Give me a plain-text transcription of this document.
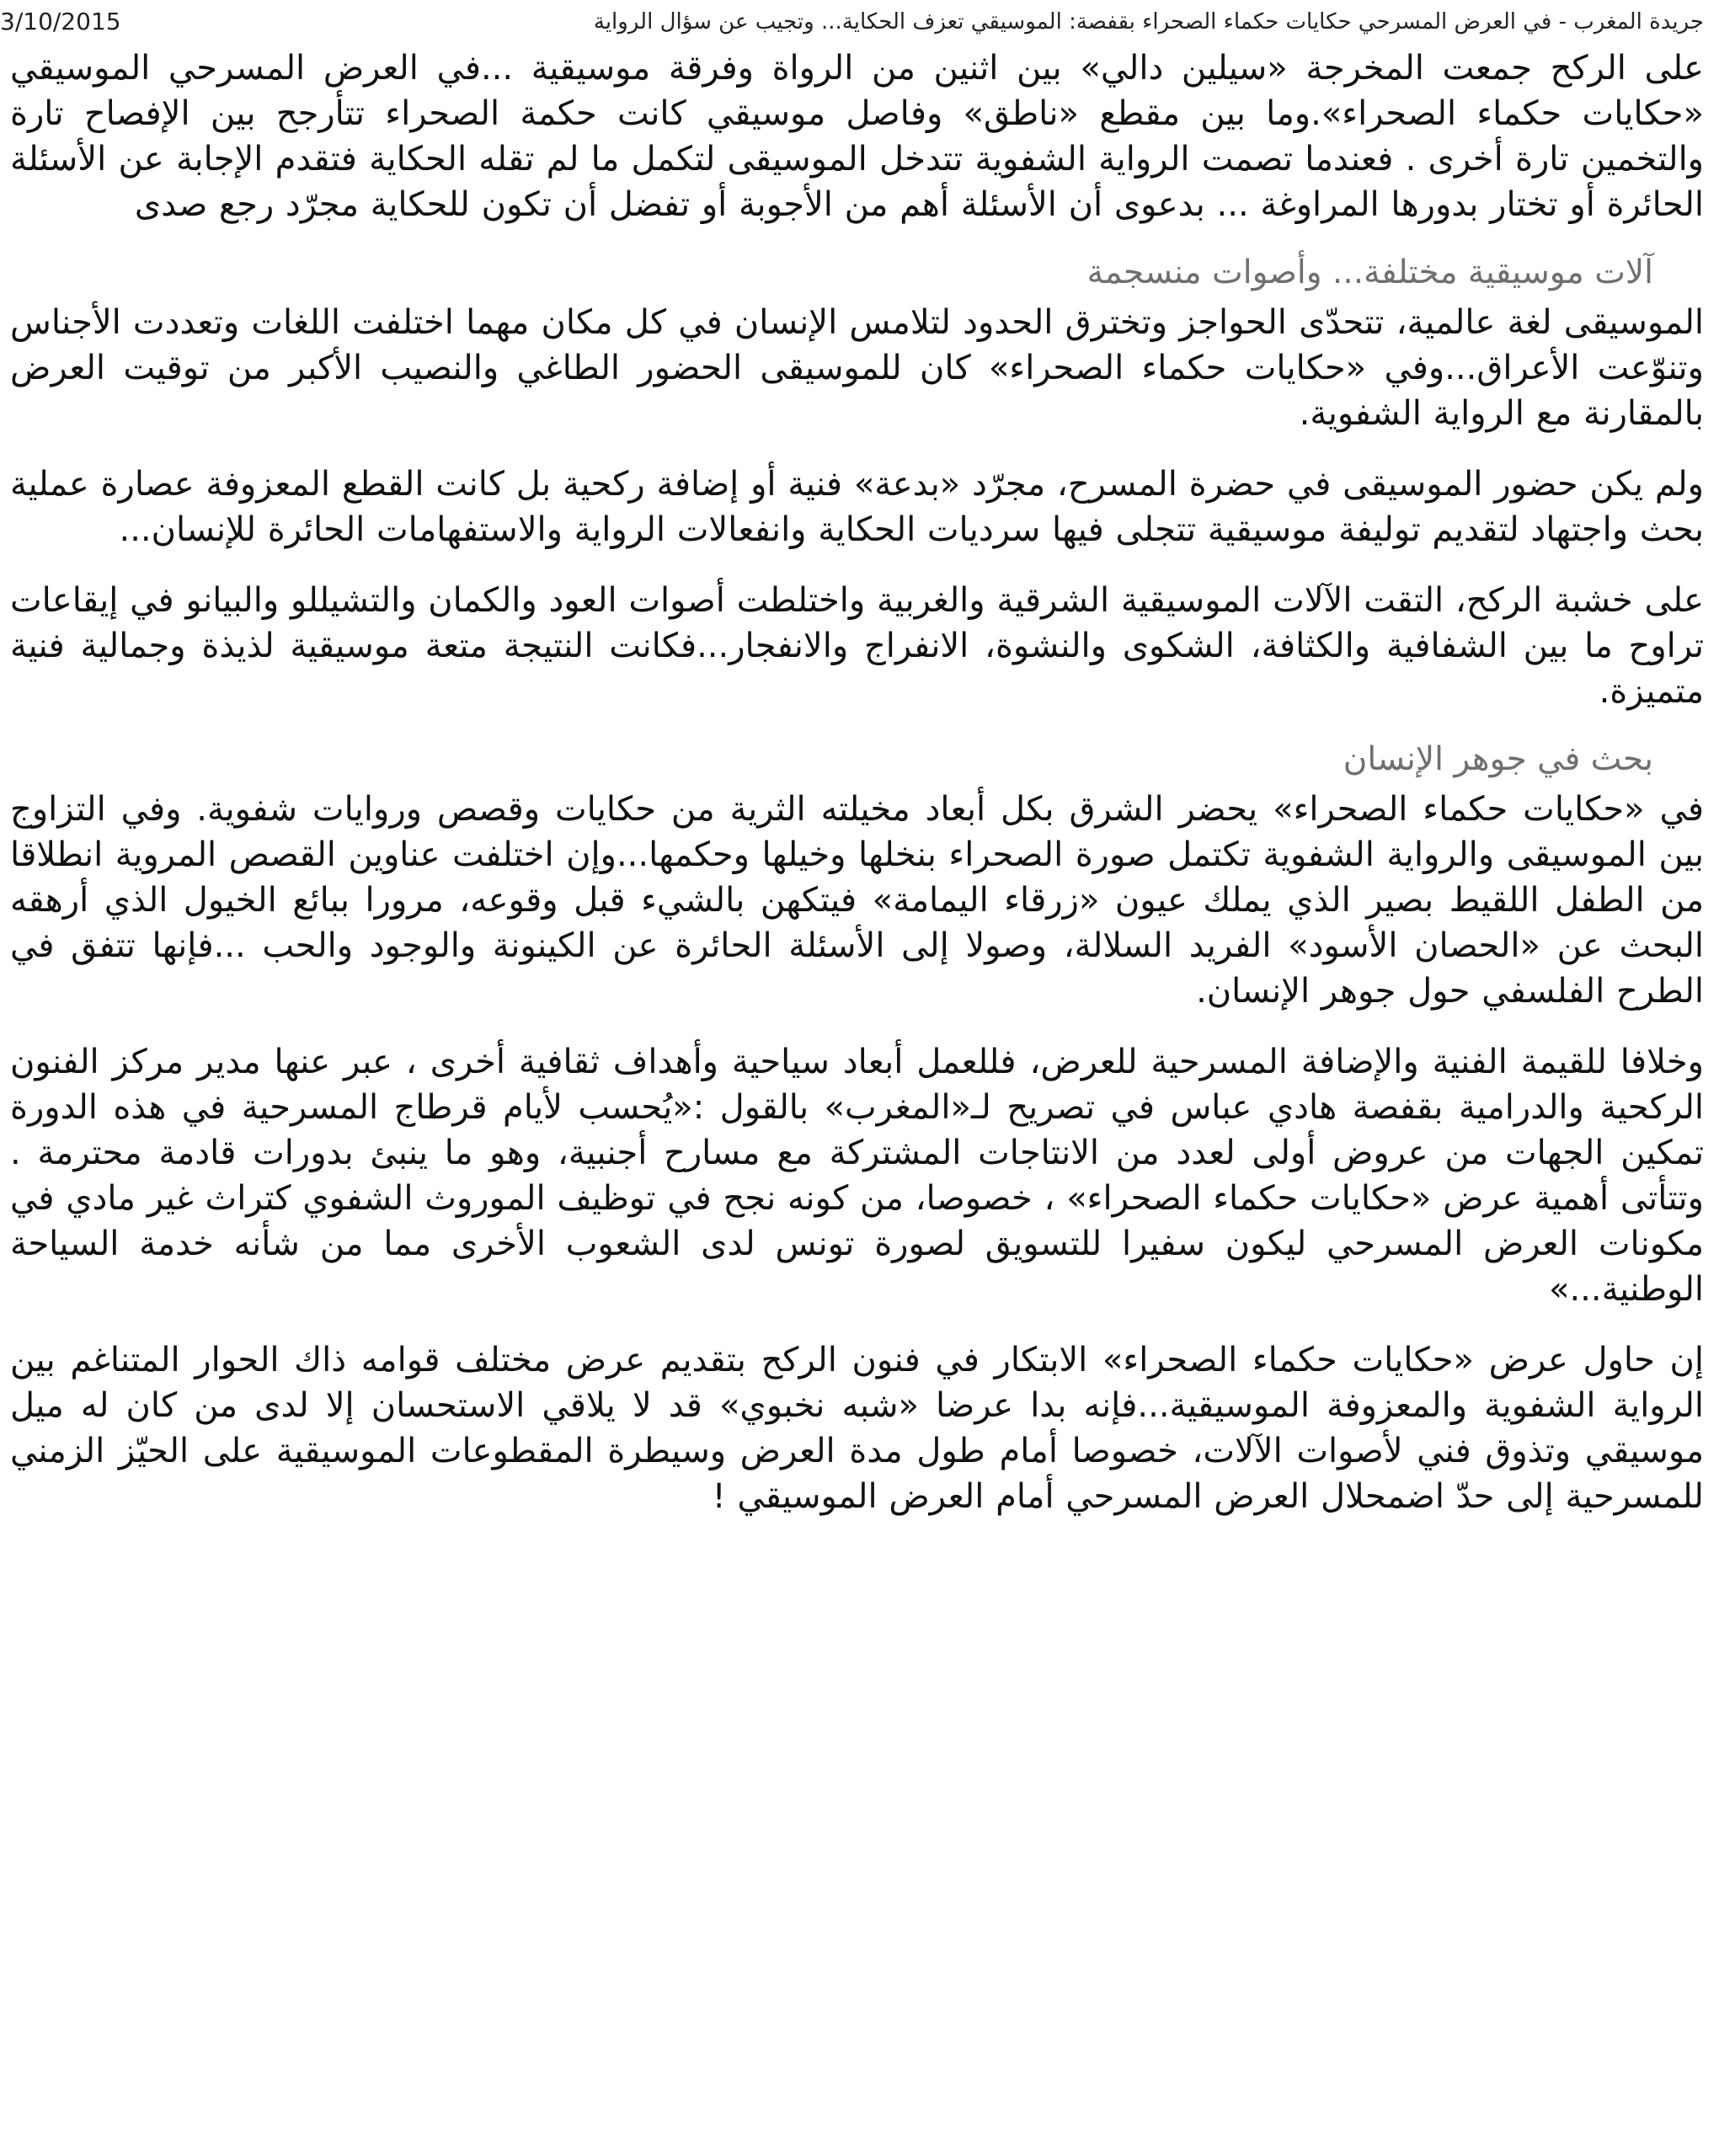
3/10/2015	جريدة المغرب - في العرض المسرحي حكايات حكماء الصحراء بقفصة: الموسيقي تعزف الحكاية... وتجيب عن سؤال الرواية

على الركح جمعت المخرجة «سيلين دالي» بين اثنين من الرواة وفرقة موسيقية ...في العرض المسرحي الموسيقي «حكايات حكماء الصحراء».وما بين مقطع «ناطق» وفاصل موسيقي كانت حكمة الصحراء تتأرجح بين الإفصاح تارة والتخمين تارة أخرى . فعندما تصمت الرواية الشفوية تتدخل الموسيقى لتكمل ما لم تقله الحكاية فتقدم الإجابة عن الأسئلة الحائرة أو تختار بدورها المراوغة ... بدعوى أن الأسئلة أهم من الأجوبة أو تفضل أن تكون للحكاية مجرّد رجع صدى

آلات موسيقية مختلفة... وأصوات منسجمة

الموسيقى لغة عالمية، تتحدّى الحواجز وتخترق الحدود لتلامس الإنسان في كل مكان مهما اختلفت اللغات وتعددت الأجناس وتنوّعت الأعراق...وفي «حكايات حكماء الصحراء» كان للموسيقى الحضور الطاغي والنصيب الأكبر من توقيت العرض بالمقارنة مع الرواية الشفوية.

ولم يكن حضور الموسيقى في حضرة المسرح، مجرّد «بدعة» فنية أو إضافة ركحية بل كانت القطع المعزوفة عصارة عملية بحث واجتهاد لتقديم توليفة موسيقية تتجلى فيها سرديات الحكاية وانفعالات الرواية والاستفهامات الحائرة للإنسان...

على خشبة الركح، التقت الآلات الموسيقية الشرقية والغربية واختلطت أصوات العود والكمان والتشيللو والبيانو في إيقاعات تراوح ما بين الشفافية والكثافة، الشكوى والنشوة، الانفراج والانفجار...فكانت النتيجة متعة موسيقية لذيذة وجمالية فنية متميزة.

بحث في جوهر الإنسان

في «حكايات حكماء الصحراء» يحضر الشرق بكل أبعاد مخيلته الثرية من حكايات وقصص وروايات شفوية. وفي التزاوج بين الموسيقى والرواية الشفوية تكتمل صورة الصحراء بنخلها وخيلها وحكمها...وإن اختلفت عناوين القصص المروية انطلاقا من الطفل اللقيط بصير الذي يملك عيون «زرقاء اليمامة» فيتكهن بالشيء قبل وقوعه، مرورا ببائع الخيول الذي أرهقه البحث عن «الحصان الأسود» الفريد السلالة، وصولا إلى الأسئلة الحائرة عن الكينونة والوجود والحب ...فإنها تتفق في الطرح الفلسفي حول جوهر الإنسان.

وخلافا للقيمة الفنية والإضافة المسرحية للعرض، فللعمل أبعاد سياحية وأهداف ثقافية أخرى ، عبر عنها مدير مركز الفنون الركحية والدرامية بقفصة هادي عباس في تصريح لـ«المغرب» بالقول :«يُحسب لأيام قرطاج المسرحية في هذه الدورة تمكين الجهات من عروض أولى لعدد من الانتاجات المشتركة مع مسارح أجنبية، وهو ما ينبئ بدورات قادمة محترمة . وتتأتى أهمية عرض «حكايات حكماء الصحراء» ، خصوصا، من كونه نجح في توظيف الموروث الشفوي كتراث غير مادي في مكونات العرض المسرحي ليكون سفيرا للتسويق لصورة تونس لدى الشعوب الأخرى مما من شأنه خدمة السياحة الوطنية...»

إن حاول عرض «حكايات حكماء الصحراء» الابتكار في فنون الركح بتقديم عرض مختلف قوامه ذاك الحوار المتناغم بين الرواية الشفوية والمعزوفة الموسيقية...فإنه بدا عرضا «شبه نخبوي» قد لا يلاقي الاستحسان إلا لدى من كان له ميل موسيقي وتذوق فني لأصوات الآلات، خصوصا أمام طول مدة العرض وسيطرة المقطوعات الموسيقية على الحيّز الزمني للمسرحية إلى حدّ اضمحلال العرض المسرحي أمام العرض الموسيقي !
